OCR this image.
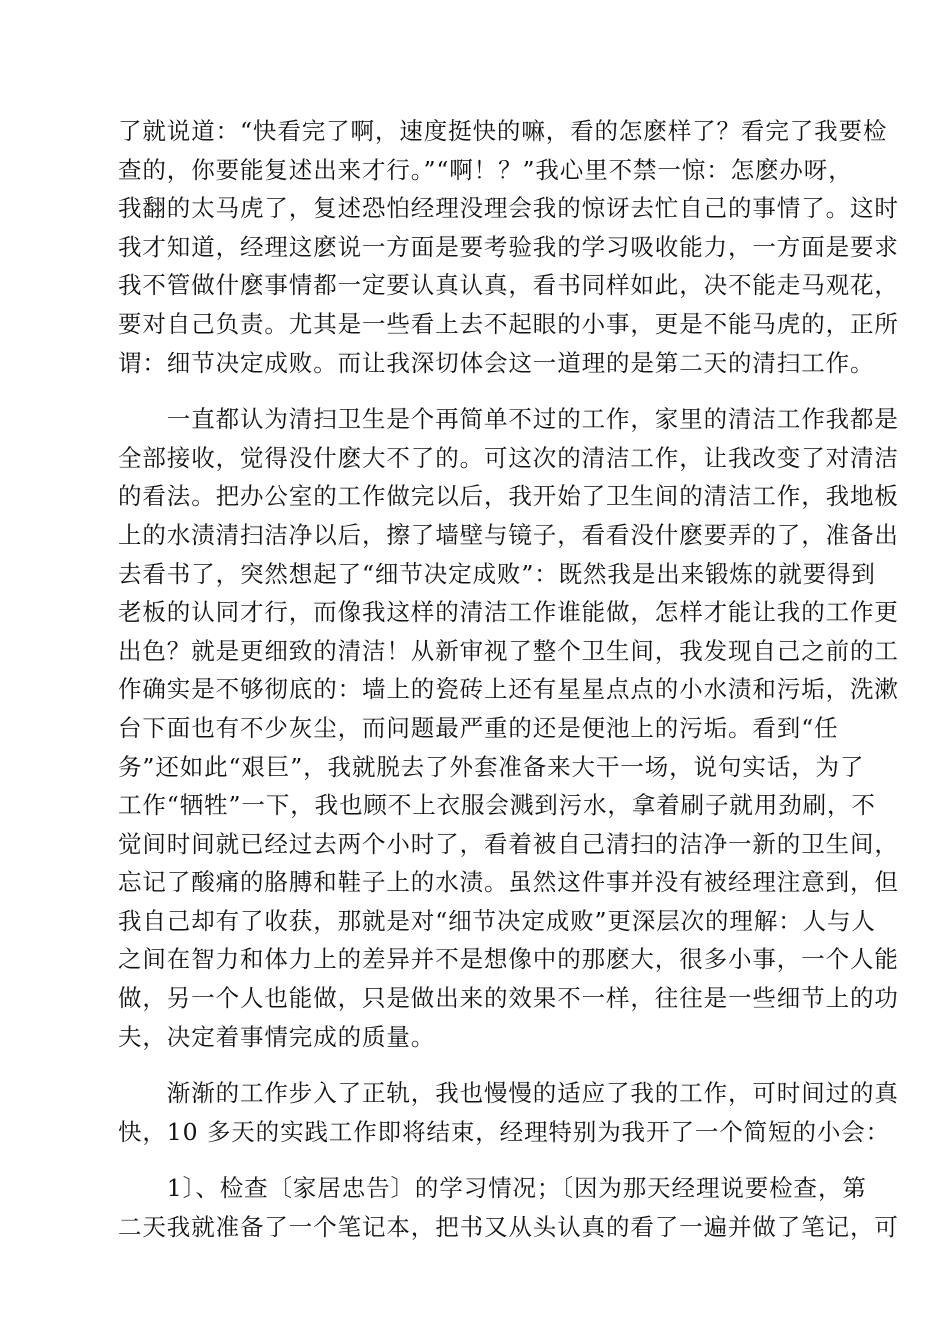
了就说道：“快看完了啊，速度挺快的嘛，看的怎麽样了？看完了我要检
查的，你要能复述出来才行。”“啊！？”我心里不禁一惊：怎麽办呀，
我翻的太马虎了，复述恐怕经理没理会我的惊讶去忙自己的事情了。这时
我才知道，经理这麽说一方面是要考验我的学习吸收能力，一方面是要求
我不管做什麽事情都一定要认真认真，看书同样如此，决不能走马观花，
要对自己负责。尤其是一些看上去不起眼的小事，更是不能马虎的，正所
谓：细节决定成败。而让我深切体会这一道理的是第二天的清扫工作。
　　一直都认为清扫卫生是个再简单不过的工作，家里的清洁工作我都是
全部接收，觉得没什麽大不了的。可这次的清洁工作，让我改变了对清洁
的看法。把办公室的工作做完以后，我开始了卫生间的清洁工作，我地板
上的水渍清扫洁净以后，擦了墙壁与镜子，看看没什麽要弄的了，准备出
去看书了，突然想起了“细节决定成败”：既然我是出来锻炼的就要得到
老板的认同才行，而像我这样的清洁工作谁能做，怎样才能让我的工作更
出色？就是更细致的清洁！从新审视了整个卫生间，我发现自己之前的工
作确实是不够彻底的：墙上的瓷砖上还有星星点点的小水渍和污垢，洗漱
台下面也有不少灰尘，而问题最严重的还是便池上的污垢。看到“任
务”还如此“艰巨”，我就脱去了外套准备来大干一场，说句实话，为了
工作“牺牲”一下，我也顾不上衣服会溅到污水，拿着刷子就用劲刷，不
觉间时间就已经过去两个小时了，看着被自己清扫的洁净一新的卫生间，
忘记了酸痛的胳膊和鞋子上的水渍。虽然这件事并没有被经理注意到，但
我自己却有了收获，那就是对“细节决定成败”更深层次的理解：人与人
之间在智力和体力上的差异并不是想像中的那麽大，很多小事，一个人能
做，另一个人也能做，只是做出来的效果不一样，往往是一些细节上的功
夫，决定着事情完成的质量。
　　渐渐的工作步入了正轨，我也慢慢的适应了我的工作，可时间过的真
快，10 多天的实践工作即将结束，经理特别为我开了一个简短的小会：
　　1〕、检查〔家居忠告〕的学习情况；〔因为那天经理说要检查，第
二天我就准备了一个笔记本，把书又从头认真的看了一遍并做了笔记，可
